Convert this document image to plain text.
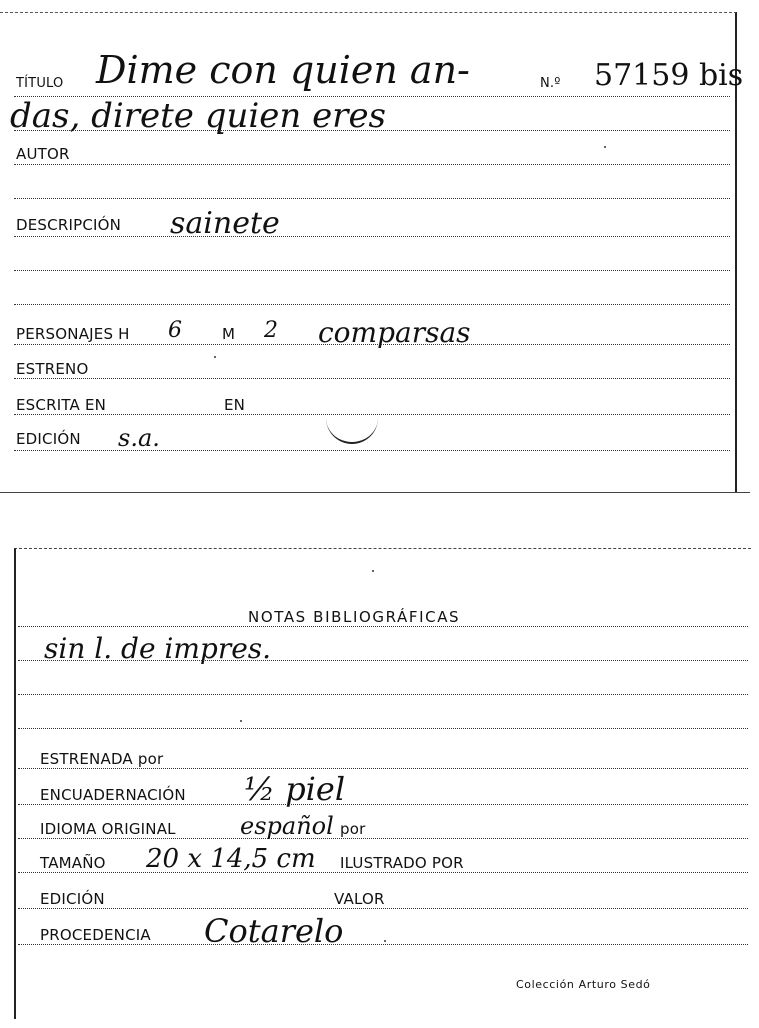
TÍTULO Dime con quien an-	N.º 57159 bis
das, direte quien eres
AUTOR
DESCRIPCIÓN sainete
PERSONAJES H 6	M 2 comparsas
ESTRENO
ESCRITA EN	EN
EDICIÓN s.a.
NOTAS BIBLIOGRÁFICAS
sin l. de impres.
ESTRENADA por
ENCUADERNACIÓN ½ piel
IDIOMA ORIGINAL	español por
TAMAÑO 20 x 14,5 cm ILUSTRADO POR
EDICIÓN	VALOR
PROCEDENCIA Cotarelo
Colección Arturo Sedó
